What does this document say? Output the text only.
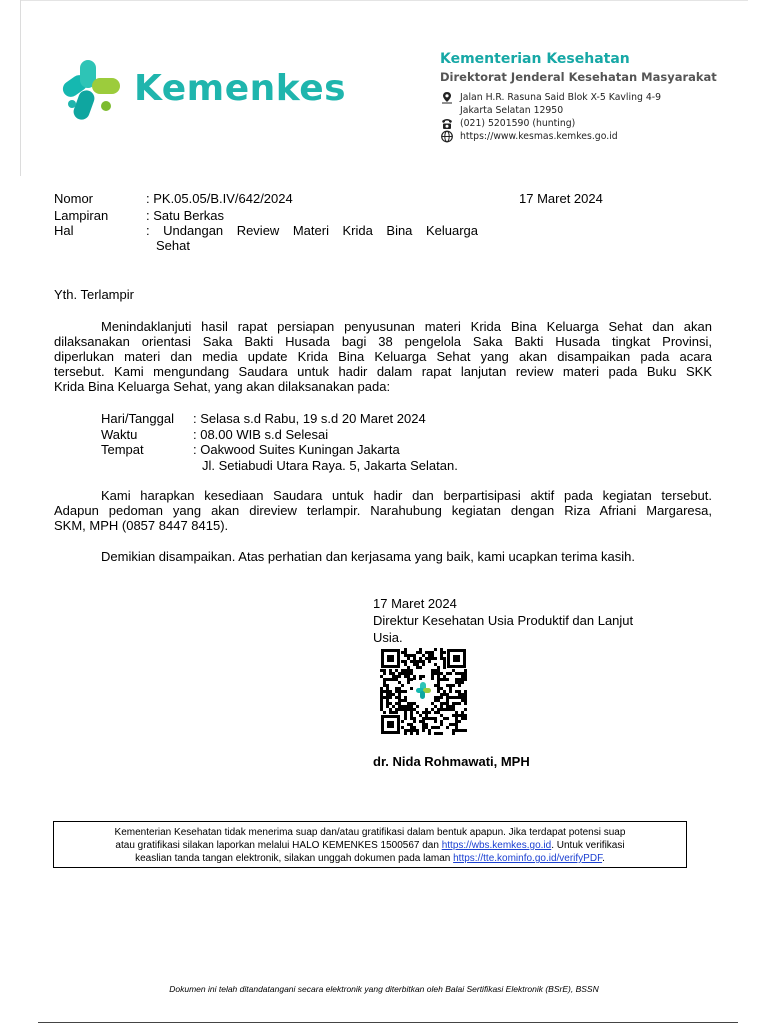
Kemenkes
Kementerian Kesehatan
Direktorat Jenderal Kesehatan Masyarakat
Jalan H.R. Rasuna Said Blok X-5 Kavling 4-9
Jakarta Selatan 12950
(021) 5201590 (hunting)
https://www.kesmas.kemkes.go.id
Nomor	: PK.05.05/B.IV/642/2024	17 Maret 2024
Lampiran	: Satu Berkas
Hal	: Undangan Review Materi Krida Bina Keluarga
Sehat
Yth. Terlampir
Menindaklanjuti hasil rapat persiapan penyusunan materi Krida Bina Keluarga Sehat dan akan
dilaksanakan orientasi Saka Bakti Husada bagi 38 pengelola Saka Bakti Husada tingkat Provinsi,
diperlukan materi dan media update Krida Bina Keluarga Sehat yang akan disampaikan pada acara
tersebut. Kami mengundang Saudara untuk hadir dalam rapat lanjutan review materi pada Buku SKK
Krida Bina Keluarga Sehat, yang akan dilaksanakan pada:
Hari/Tanggal : Selasa s.d Rabu, 19 s.d 20 Maret 2024
Waktu	: 08.00 WIB s.d Selesai
Tempat	: Oakwood Suites Kuningan Jakarta
Jl. Setiabudi Utara Raya. 5, Jakarta Selatan.
Kami harapkan kesediaan Saudara untuk hadir dan berpartisipasi aktif pada kegiatan tersebut.
Adapun pedoman yang akan direview terlampir. Narahubung kegiatan dengan Riza Afriani Margaresa,
SKM, MPH (0857 8447 8415).
Demikian disampaikan. Atas perhatian dan kerjasama yang baik, kami ucapkan terima kasih.
17 Maret 2024
Direktur Kesehatan Usia Produktif dan Lanjut
Usia.
dr. Nida Rohmawati, MPH
Kementerian Kesehatan tidak menerima suap dan/atau gratifikasi dalam bentuk apapun. Jika terdapat potensi suap
atau gratifikasi silakan laporkan melalui HALO KEMENKES 1500567 dan https://wbs.kemkes.go.id. Untuk verifikasi
keaslian tanda tangan elektronik, silakan unggah dokumen pada laman https://tte.kominfo.go.id/verifyPDF.
Dokumen ini telah ditandatangani secara elektronik yang diterbitkan oleh Balai Sertifikasi Elektronik (BSrE), BSSN
